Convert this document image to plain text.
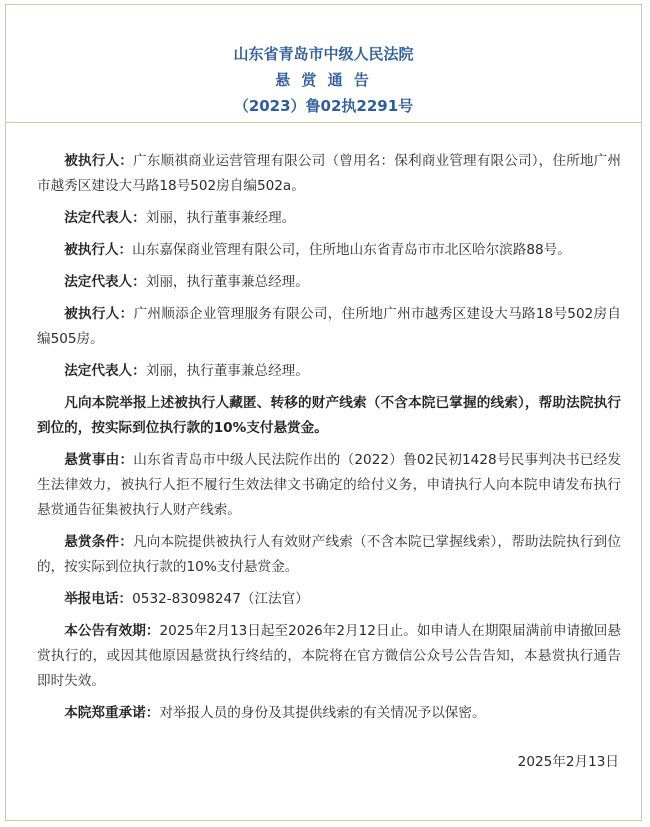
山东省青岛市中级人民法院
悬 赏 通 告
（2023）鲁02执2291号

被执行人：广东顺祺商业运营管理有限公司（曾用名：保利商业管理有限公司），住所地广州市越秀区建设大马路18号502房自编502a。

法定代表人：刘丽，执行董事兼经理。

被执行人：山东嘉保商业管理有限公司，住所地山东省青岛市市北区哈尔滨路88号。

法定代表人：刘丽，执行董事兼总经理。

被执行人：广州顺添企业管理服务有限公司，住所地广州市越秀区建设大马路18号502房自编505房。

法定代表人：刘丽，执行董事兼总经理。

凡向本院举报上述被执行人藏匿、转移的财产线索（不含本院已掌握的线索），帮助法院执行到位的，按实际到位执行款的10%支付悬赏金。

悬赏事由：山东省青岛市中级人民法院作出的（2022）鲁02民初1428号民事判决书已经发生法律效力，被执行人拒不履行生效法律文书确定的给付义务，申请执行人向本院申请发布执行悬赏通告征集被执行人财产线索。

悬赏条件：凡向本院提供被执行人有效财产线索（不含本院已掌握线索），帮助法院执行到位的，按实际到位执行款的10%支付悬赏金。

举报电话：0532-83098247（江法官）

本公告有效期：2025年2月13日起至2026年2月12日止。如申请人在期限届满前申请撤回悬赏执行的，或因其他原因悬赏执行终结的，本院将在官方微信公众号公告告知，本悬赏执行通告即时失效。

本院郑重承诺：对举报人员的身份及其提供线索的有关情况予以保密。

2025年2月13日
